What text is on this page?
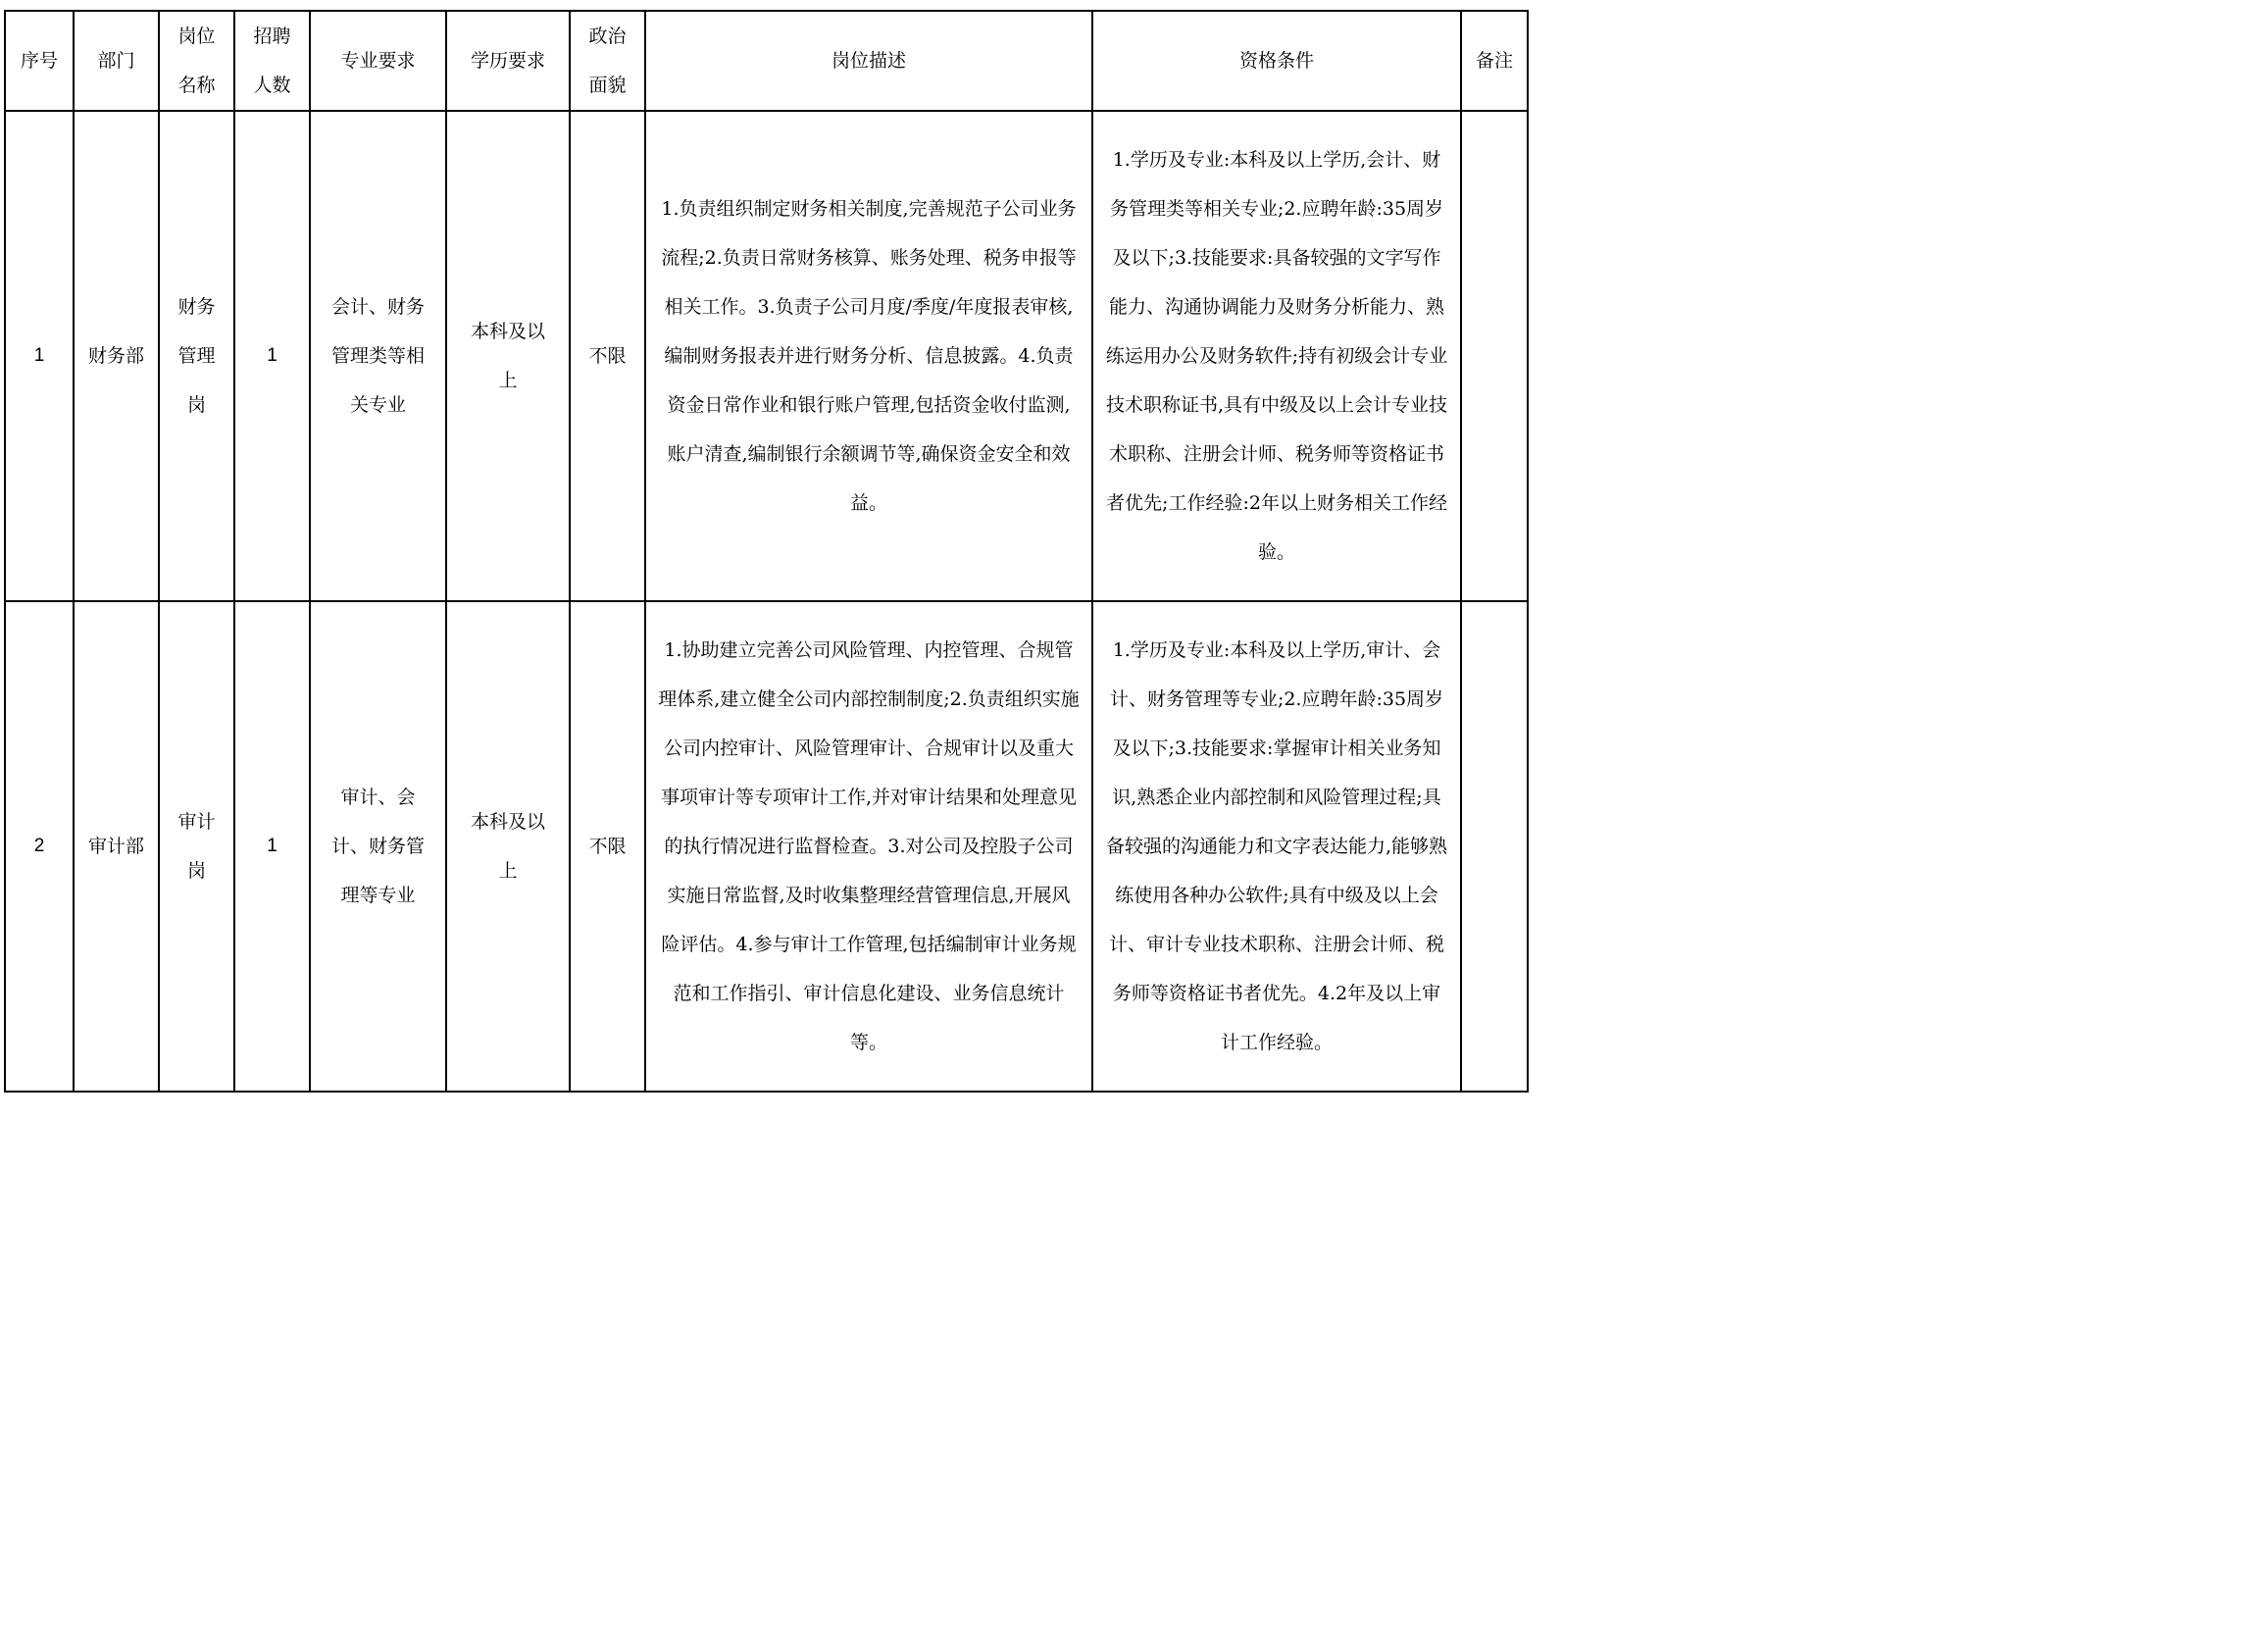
序号	部门	岗位名称	招聘人数	专业要求	学历要求	政治面貌	岗位描述	资格条件	备注

1	财务部	财务管理岗	1	会计、财务管理类等相关专业	本科及以上	不限	1.负责组织制定财务相关制度,完善规范子公司业务流程;2.负责日常财务核算、账务处理、税务申报等相关工作。3.负责子公司月度/季度/年度报表审核,编制财务报表并进行财务分析、信息披露。4.负责资金日常作业和银行账户管理,包括资金收付监测,账户清查,编制银行余额调节等,确保资金安全和效益。	1.学历及专业:本科及以上学历,会计、财务管理类等相关专业;2.应聘年龄:35周岁及以下;3.技能要求:具备较强的文字写作能力、沟通协调能力及财务分析能力、熟练运用办公及财务软件;持有初级会计专业技术职称证书,具有中级及以上会计专业技术职称、注册会计师、税务师等资格证书者优先;工作经验:2年以上财务相关工作经验。	

2	审计部	审计岗	1	审计、会计、财务管理等专业	本科及以上	不限	1.协助建立完善公司风险管理、内控管理、合规管理体系,建立健全公司内部控制制度;2.负责组织实施公司内控审计、风险管理审计、合规审计以及重大事项审计等专项审计工作,并对审计结果和处理意见的执行情况进行监督检查。3.对公司及控股子公司实施日常监督,及时收集整理经营管理信息,开展风险评估。4.参与审计工作管理,包括编制审计业务规范和工作指引、审计信息化建设、业务信息统计等。	1.学历及专业:本科及以上学历,审计、会计、财务管理等专业;2.应聘年龄:35周岁及以下;3.技能要求:掌握审计相关业务知识,熟悉企业内部控制和风险管理过程;具备较强的沟通能力和文字表达能力,能够熟练使用各种办公软件;具有中级及以上会计、审计专业技术职称、注册会计师、税务师等资格证书者优先。4.2年及以上审计工作经验。	
